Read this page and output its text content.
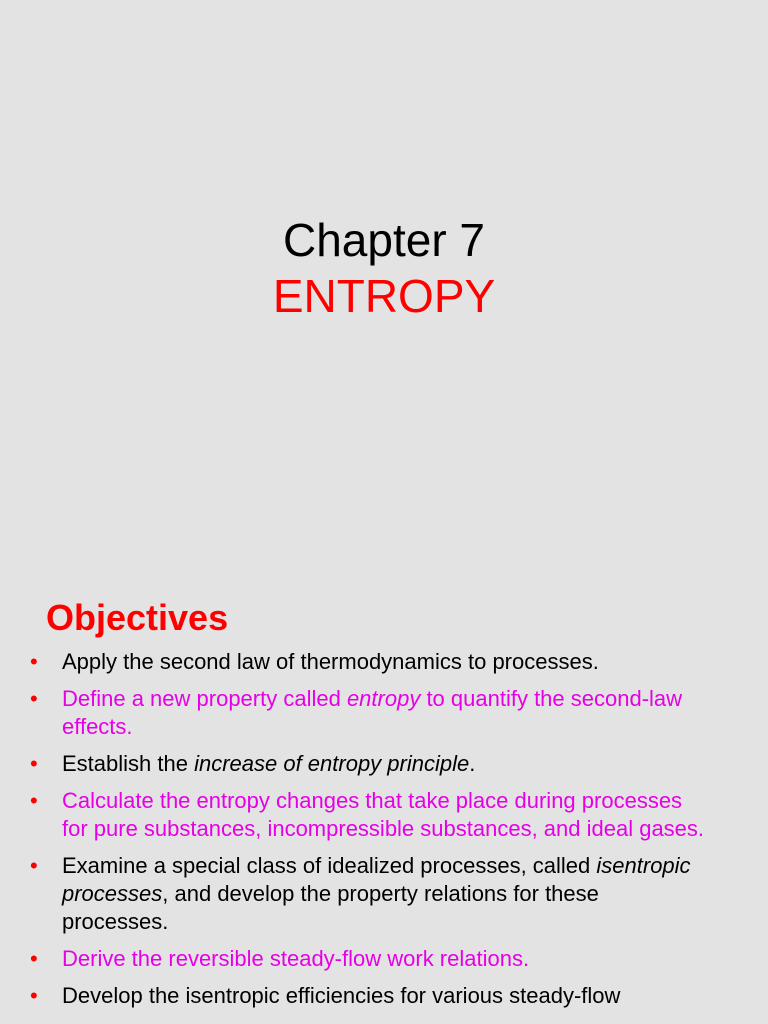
Chapter 7
ENTROPY
Objectives
• Apply the second law of thermodynamics to processes.
• Define a new property called entropy to quantify the second-law effects.
• Establish the increase of entropy principle.
• Calculate the entropy changes that take place during processes for pure substances, incompressible substances, and ideal gases.
• Examine a special class of idealized processes, called isentropic processes, and develop the property relations for these processes.
• Derive the reversible steady-flow work relations.
• Develop the isentropic efficiencies for various steady-flow
